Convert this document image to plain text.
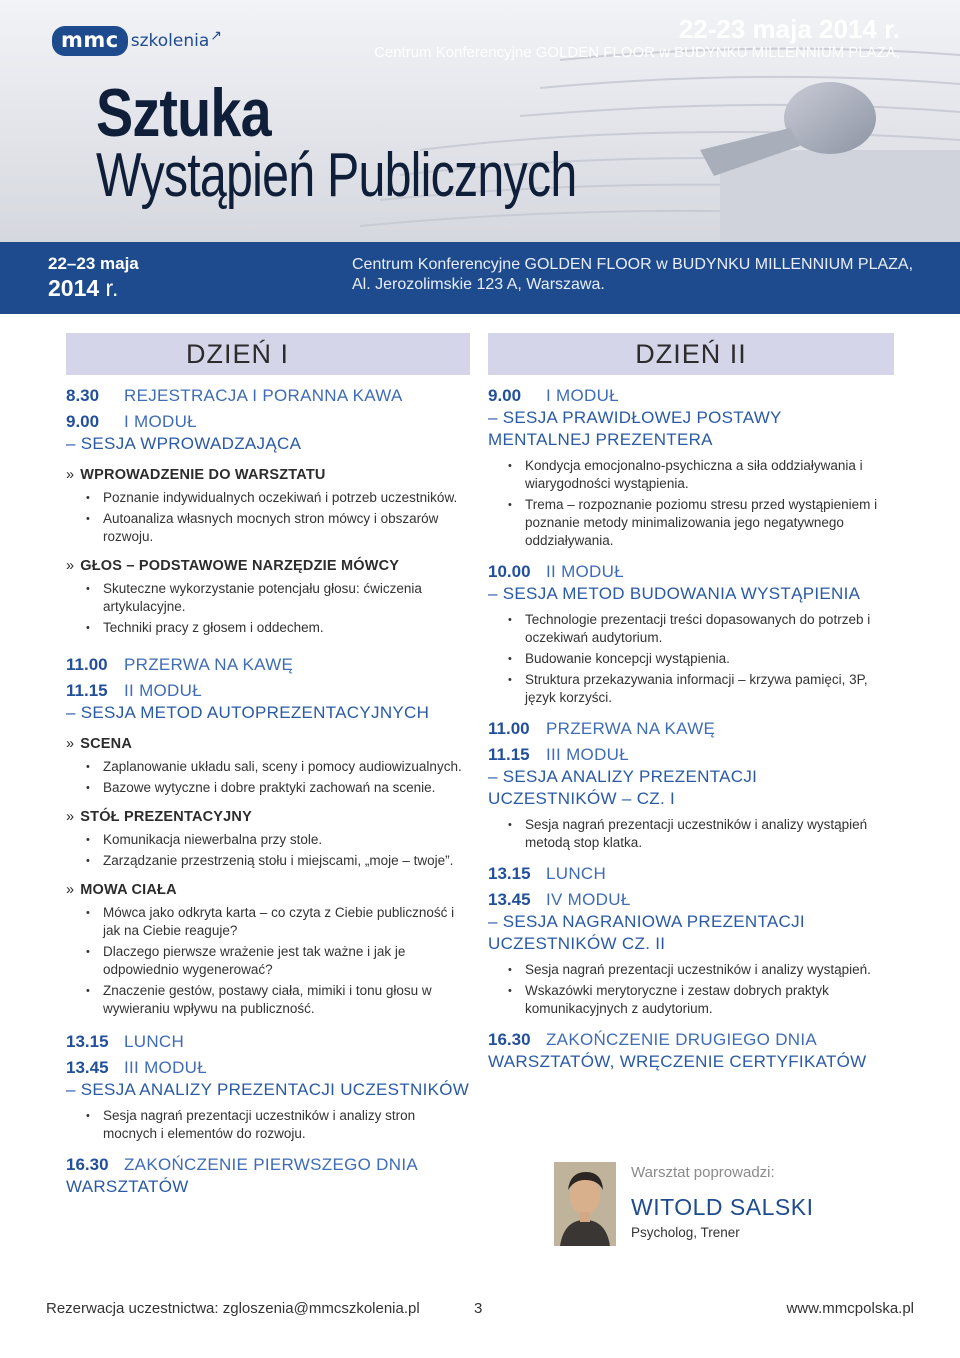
mmc szkolenia ↗	22-23 maja 2014 r.
Centrum Konferencyjne GOLDEN FLOOR w BUDYNKU MILLENNIUM PLAZA,
Sztuka
Wystąpień Publicznych
22–23 maja
2014 r.
Centrum Konferencyjne GOLDEN FLOOR w BUDYNKU MILLENNIUM PLAZA,
Al. Jerozolimskie 123 A, Warszawa.
DZIEŃ I
8.30	REJESTRACJA I PORANNA KAWA
9.00	I MODUŁ
– SESJA WPROWADZAJĄCA
» WPROWADZENIE DO WARSZTATU
• Poznanie indywidualnych oczekiwań i potrzeb uczestników.
• Autoanaliza własnych mocnych stron mówcy i obszarów rozwoju.
» GŁOS – PODSTAWOWE NARZĘDZIE MÓWCY
• Skuteczne wykorzystanie potencjału głosu: ćwiczenia artykulacyjne.
• Techniki pracy z głosem i oddechem.
11.00 PRZERWA NA KAWĘ
11.15 II MODUŁ
– SESJA METOD AUTOPREZENTACYJNYCH
» SCENA
• Zaplanowanie układu sali, sceny i pomocy audiowizualnych.
• Bazowe wytyczne i dobre praktyki zachowań na scenie.
» STÓŁ PREZENTACYJNY
• Komunikacja niewerbalna przy stole.
• Zarządzanie przestrzenią stołu i miejscami, „moje – twoje”.
» MOWA CIAŁA
• Mówca jako odkryta karta – co czyta z Ciebie publiczność i jak na Ciebie reaguje?
• Dlaczego pierwsze wrażenie jest tak ważne i jak je odpowiednio wygenerować?
• Znaczenie gestów, postawy ciała, mimiki i tonu głosu w wywieraniu wpływu na publiczność.
13.15 LUNCH
13.45 III MODUŁ
– SESJA ANALIZY PREZENTACJI UCZESTNIKÓW
• Sesja nagrań prezentacji uczestników i analizy stron mocnych i elementów do rozwoju.
16.30 ZAKOŃCZENIE PIERWSZEGO DNIA
WARSZTATÓW
DZIEŃ II
9.00	I MODUŁ
– SESJA PRAWIDŁOWEJ POSTAWY
MENTALNEJ PREZENTERA
• Kondycja emocjonalno-psychiczna a siła oddziaływania i wiarygodności wystąpienia.
• Trema – rozpoznanie poziomu stresu przed wystąpieniem i poznanie metody minimalizowania jego negatywnego oddziaływania.
10.00 II MODUŁ
– SESJA METOD BUDOWANIA WYSTĄPIENIA
• Technologie prezentacji treści dopasowanych do potrzeb i oczekiwań audytorium.
• Budowanie koncepcji wystąpienia.
• Struktura przekazywania informacji – krzywa pamięci, 3P, język korzyści.
11.00 PRZERWA NA KAWĘ
11.15 III MODUŁ
– SESJA ANALIZY PREZENTACJI
UCZESTNIKÓW – CZ. I
• Sesja nagrań prezentacji uczestników i analizy wystąpień metodą stop klatka.
13.15 LUNCH
13.45 IV MODUŁ
– SESJA NAGRANIOWA PREZENTACJI
UCZESTNIKÓW CZ. II
• Sesja nagrań prezentacji uczestników i analizy wystąpień.
• Wskazówki merytoryczne i zestaw dobrych praktyk komunikacyjnych z audytorium.
16.30 ZAKOŃCZENIE DRUGIEGO DNIA
WARSZTATÓW, WRĘCZENIE CERTYFIKATÓW
Warsztat poprowadzi:
WITOLD SALSKI
Psycholog, Trener
Rezerwacja uczestnictwa: zgloszenia@mmcszkolenia.pl	3	www.mmcpolska.pl
